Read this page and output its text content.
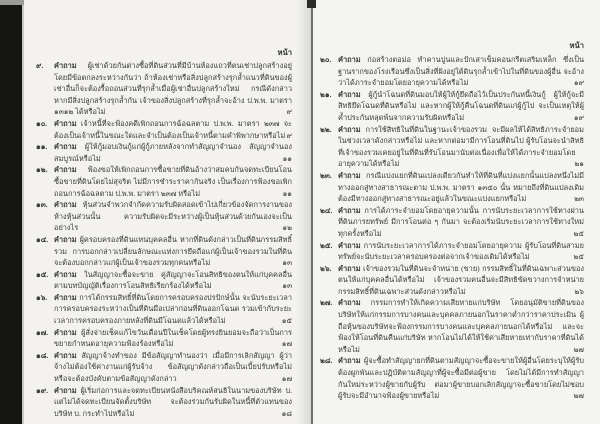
หน้า
๙. คำถาม ผู้เช่าด้วยกันต่างซื้อที่ดินส่วนที่มีบ้านห้องแถวที่ตนเช่าปลูกสร้างอยู่ โดยมีข้อตกลงระหว่างกันว่า ถ้าห้องเช่าหรือสิ่งปลูกสร้างรุกล้ำแนวที่ดินของผู้เช่าอื่นก็จะต้องรื้อถอนส่วนที่รุกล้ำเมื่อผู้เช่าอื่นปลูกสร้างใหม่ กรณีดังกล่าว หากมีสิ่งปลูกสร้างรุกล้ำกัน เจ้าของสิ่งปลูกสร้างที่รุกล้ำจะอ้าง ป.พ.พ. มาตรา ๑๓๑๒ ได้หรือไม่	๙
๑๐. คำถาม เจ้าหนี้ที่จะฟ้องคดีเพิกถอนการฉ้อฉลตาม ป.พ.พ. มาตรา ๒๓๗ จะต้องเป็นเจ้าหนี้ในขณะใดและจำเป็นต้องเป็นเจ้าหนี้ตามคำพิพากษาหรือไม่ ๙
๑๑. คำถาม ผู้ให้กู้มอบเงินกู้แก่ผู้กู้ภายหลังจากทำสัญญาจำนอง สัญญาจำนองสมบูรณ์หรือไม่	๑๑
๑๒. คำถาม ฟ้องขอให้เพิกถอนการซื้อขายที่ดินอ้างว่าสมคบกันจดทะเบียนโอนซื้อขายที่ดินโดยไม่สุจริต ไม่มีการชำระราคากันจริง เป็นเรื่องการฟ้องขอเพิกถอนการฉ้อฉลตาม ป.พ.พ. มาตรา ๒๓๗ หรือไม่	๑๑
๑๓. คำถาม หุ้นส่วนจำพวกจำกัดความรับผิดสอดเข้าไปเกี่ยวข้องจัดการงานของห้างหุ้นส่วนนั้น ความรับผิดจะมีระหว่างผู้เป็นหุ้นส่วนด้วยกันเองจะเป็นอย่างไร	๑๒
๑๔. คำถาม ผู้ครอบครองที่ดินแทนบุคคลอื่น หากที่ดินดังกล่าวเป็นที่ดินกรรมสิทธิ์รวม การบอกกล่าวเปลี่ยนลักษณะแห่งการยึดถือแก่ผู้เป็นเจ้าของรวมในที่ดิน จะต้องบอกกล่าวแก่ผู้เป็นเจ้าของรวมทุกคนหรือไม่	๑๓
๑๕. คำถาม ในสัญญาจะซื้อจะขาย คู่สัญญาจะโอนสิทธิของตนให้แก่บุคคลอื่นตามบทบัญญัติเรื่องการโอนสิทธิเรียกร้องได้หรือไม่	๑๓
๑๖. คำถาม การได้กรรมสิทธิ์ที่ดินโดยการครอบครองปรปักษ์นั้น จะนับระยะเวลาการครอบครองระหว่างเป็นที่ดินมือเปล่าก่อนที่ดินออกโฉนด รวมเข้ากับระยะเวลาการครอบครองภายหลังที่ดินมีโฉนดแล้วได้หรือไม่	๑๕
๑๗. คำถาม ผู้สั่งจ่ายเช็คแก้ไขวันเดือนปีในเช็คโดยผู้ทรงยินยอมจะถือว่าเป็นการขยายกำหนดอายุความฟ้องร้องหรือไม่	๑๗
๑๘. คำถาม สัญญาจ้างทำของ มีข้อสัญญาทำนองว่า เมื่อมีการเลิกสัญญา ผู้ว่าจ้างไม่ต้องใช้ค่างานแก่ผู้รับจ้าง ข้อสัญญาดังกล่าวถือเป็นเบี้ยปรับหรือไม่ หรือจะต้องบังคับตามข้อสัญญาดังกล่าว	๑๗
๑๙. คำถาม ผู้เริ่มก่อการและจดทะเบียนหนังสือบริคณห์สนธิในนามของบริษัท บ. แต่ไม่ได้จดทะเบียนจัดตั้งบริษัท จะต้องร่วมกันรับผิดในหนี้ที่ตัวแทนของบริษัท บ. กระทำไปหรือไม่	๑๘
หน้า
๒๐. คำถาม ก่อสร้างตอม่อ ทำคานปูนและปักเสาเข็มคอนกรีตเสริมเหล็ก ซึ่งเป็นฐานรากของโรงเรือนซึ่งเป็นสิ่งที่ฝังอยู่ใต้ดินรุกล้ำเข้าไปในที่ดินของผู้อื่น จะอ้างว่าได้ภาระจำยอมโดยอายุความได้หรือไม่	๑๙
๒๑. คำถาม ผู้กู้นำโฉนดที่ดินมอบให้ผู้ให้กู้ยึดถือไว้เป็นประกันหนี้เงินกู้ ผู้ให้กู้จะมีสิทธิยึดโฉนดที่ดินหรือไม่ และหากผู้ให้กู้คืนโฉนดที่ดินแก่ผู้กู้ไป จะเป็นเหตุให้ผู้ค้ำประกันหลุดพ้นจากความรับผิดหรือไม่	๑๙
๒๒. คำถาม การใช้สิทธิในที่ดินในฐานะเจ้าของรวม จะมีผลให้ได้สิทธิภาระจำยอมในช่วงเวลาดังกล่าวหรือไม่ และหากต่อมามีการโอนที่ดินไป ผู้รับโอนจะนำสิทธิที่เจ้าของรวมเคยอยู่ในที่ดินที่รับโอนมานับต่อเนื่องเพื่อให้ได้ภาระจำยอมโดยอายุความได้หรือไม่	๒๑
๒๓. คำถาม กรณีแบ่งแยกที่ดินแปลงเดียวกันทำให้ที่ดินที่แบ่งแยกนั้นแปลงหนึ่งไม่มีทางออกสู่ทางสาธารณะตาม ป.พ.พ. มาตรา ๑๓๕๐ นั้น หมายถึงที่ดินแปลงเดิมต้องมีทางออกสู่ทางสาธารณะอยู่แล้วในขณะแบ่งแยกหรือไม่	๒๓
๒๔. คำถาม การได้ภาระจำยอมโดยอายุความนั้น การนับระยะเวลาการใช้ทางผ่านที่ดินภารยทรัพย์ มีการโอนต่อ ๆ กันมา จะต้องเริ่มนับระยะเวลาการใช้ทางใหม่ทุกครั้งหรือไม่	๒๕
๒๕. คำถาม การนับระยะเวลาการได้ภาระจำยอมโดยอายุความ ผู้รับโอนที่ดินสามยทรัพย์จะนับระยะเวลาครอบครองต่อจากเจ้าของเดิมได้หรือไม่	๒๕
๒๖. คำถาม เจ้าของรวมในที่ดินจะจำหน่าย (ขาย) กรรมสิทธิ์ในที่ดินเฉพาะส่วนของตนให้แก่บุคคลอื่นได้หรือไม่ เจ้าของรวมคนอื่นจะมีสิทธิขัดขวางการจำหน่ายกรรมสิทธิ์ที่ดินเฉพาะส่วนดังกล่าวหรือไม่	๒๖
๒๗. คำถาม กรรมการทำให้เกิดความเสียหายแก่บริษัท โดยอนุมัติขายที่ดินของบริษัทให้แก่กรรมการบางคนและบุคคลภายนอกในราคาต่ำกว่าราคาประเมิน ผู้ถือหุ้นของบริษัทจะฟ้องกรรมการบางคนและบุคคลภายนอกได้หรือไม่ และจะฟ้องให้โอนที่ดินคืนแก่บริษัท หากโอนไม่ได้ให้ใช้ค่าเสียหายเท่ากับราคาที่ดินได้หรือไม่	๒๗
๒๘. คำถาม ผู้จะซื้อทำสัญญายกที่ดินตามสัญญาจะซื้อจะขายให้ผู้อื่นโดยระบุให้ผู้รับต้องผูกพันและปฏิบัติตามสัญญาที่ผู้จะซื้อมีต่อผู้ขาย โดยไม่ได้มีการทำสัญญากันใหม่ระหว่างผู้ขายกับผู้รับ ต่อมาผู้ขายบอกเลิกสัญญาจะซื้อขายโดยไม่ชอบ ผู้รับจะมีอำนาจฟ้องผู้ขายหรือไม่	๒๗
